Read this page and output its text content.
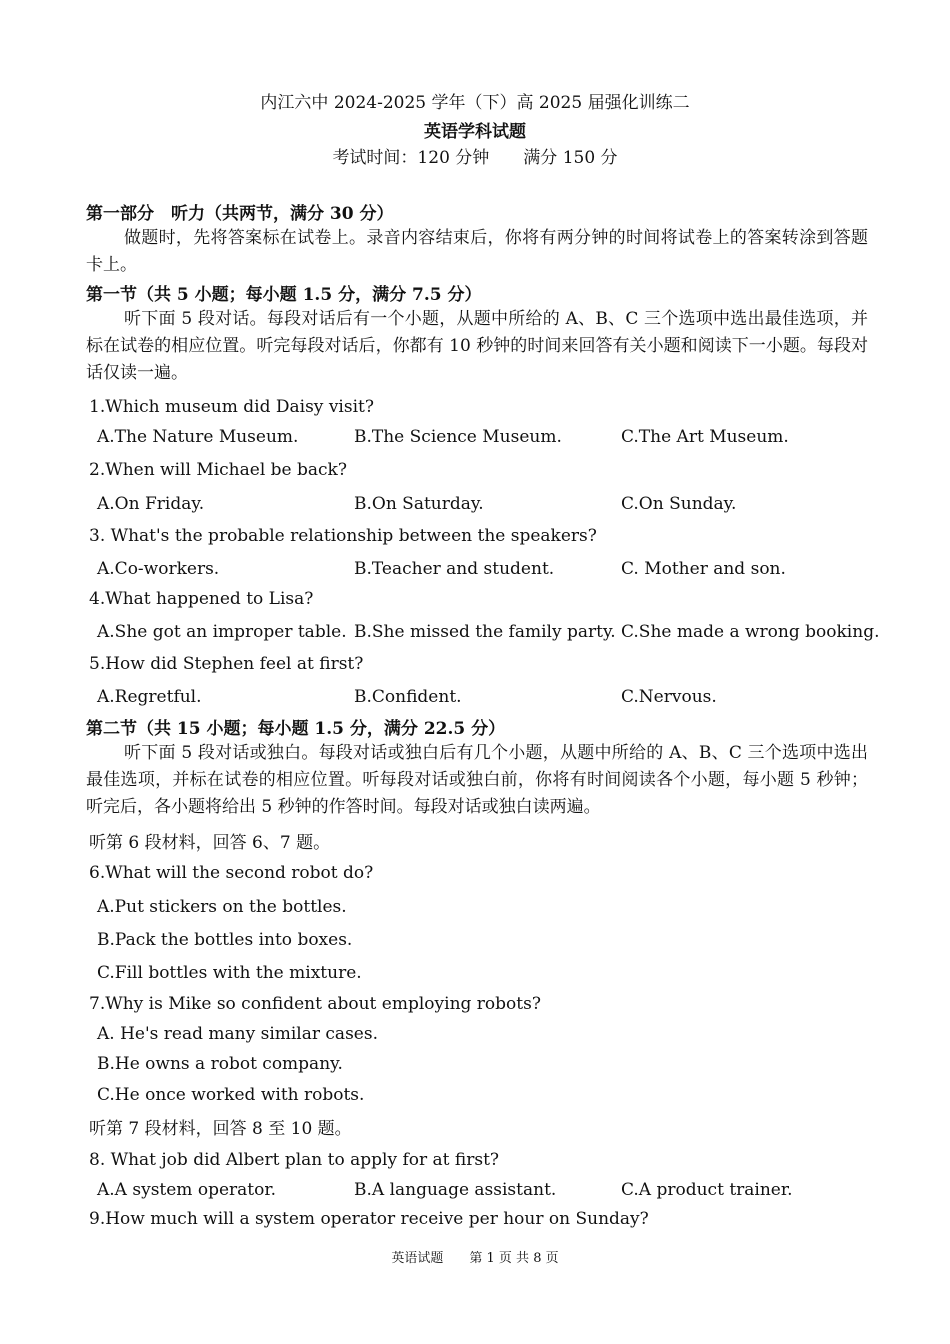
内江六中 2024-2025 学年（下）高 2025 届强化训练二
英语学科试题
考试时间：120 分钟　　满分 150 分
第一部分　听力（共两节，满分 30 分）
做题时，先将答案标在试卷上。录音内容结束后，你将有两分钟的时间将试卷上的答案转涂到答题卡上。
第一节（共 5 小题；每小题 1.5 分，满分 7.5 分）
听下面 5 段对话。每段对话后有一个小题，从题中所给的 A、B、C 三个选项中选出最佳选项，并标在试卷的相应位置。听完每段对话后，你都有 10 秒钟的时间来回答有关小题和阅读下一小题。每段对话仅读一遍。
1.Which museum did Daisy visit?
A.The Nature Museum.	B.The Science Museum.	C.The Art Museum.
2.When will Michael be back?
A.On Friday.	B.On Saturday.	C.On Sunday.
3. What's the probable relationship between the speakers?
A.Co-workers.	B.Teacher and student.	C. Mother and son.
4.What happened to Lisa?
A.She got an improper table. B.She missed the family party. C.She made a wrong booking.
5.How did Stephen feel at first?
A.Regretful.	B.Confident.	C.Nervous.
第二节（共 15 小题；每小题 1.5 分，满分 22.5 分）
听下面 5 段对话或独白。每段对话或独白后有几个小题，从题中所给的 A、B、C 三个选项中选出最佳选项，并标在试卷的相应位置。听每段对话或独白前，你将有时间阅读各个小题，每小题 5 秒钟；听完后，各小题将给出 5 秒钟的作答时间。每段对话或独白读两遍。
听第 6 段材料，回答 6、7 题。
6.What will the second robot do?
A.Put stickers on the bottles.
B.Pack the bottles into boxes.
C.Fill bottles with the mixture.
7.Why is Mike so confident about employing robots?
A. He's read many similar cases.
B.He owns a robot company.
C.He once worked with robots.
听第 7 段材料，回答 8 至 10 题。
8. What job did Albert plan to apply for at first?
A.A system operator.	B.A language assistant.	C.A product trainer.
9.How much will a system operator receive per hour on Sunday?
英语试题　　第 1 页 共 8 页
